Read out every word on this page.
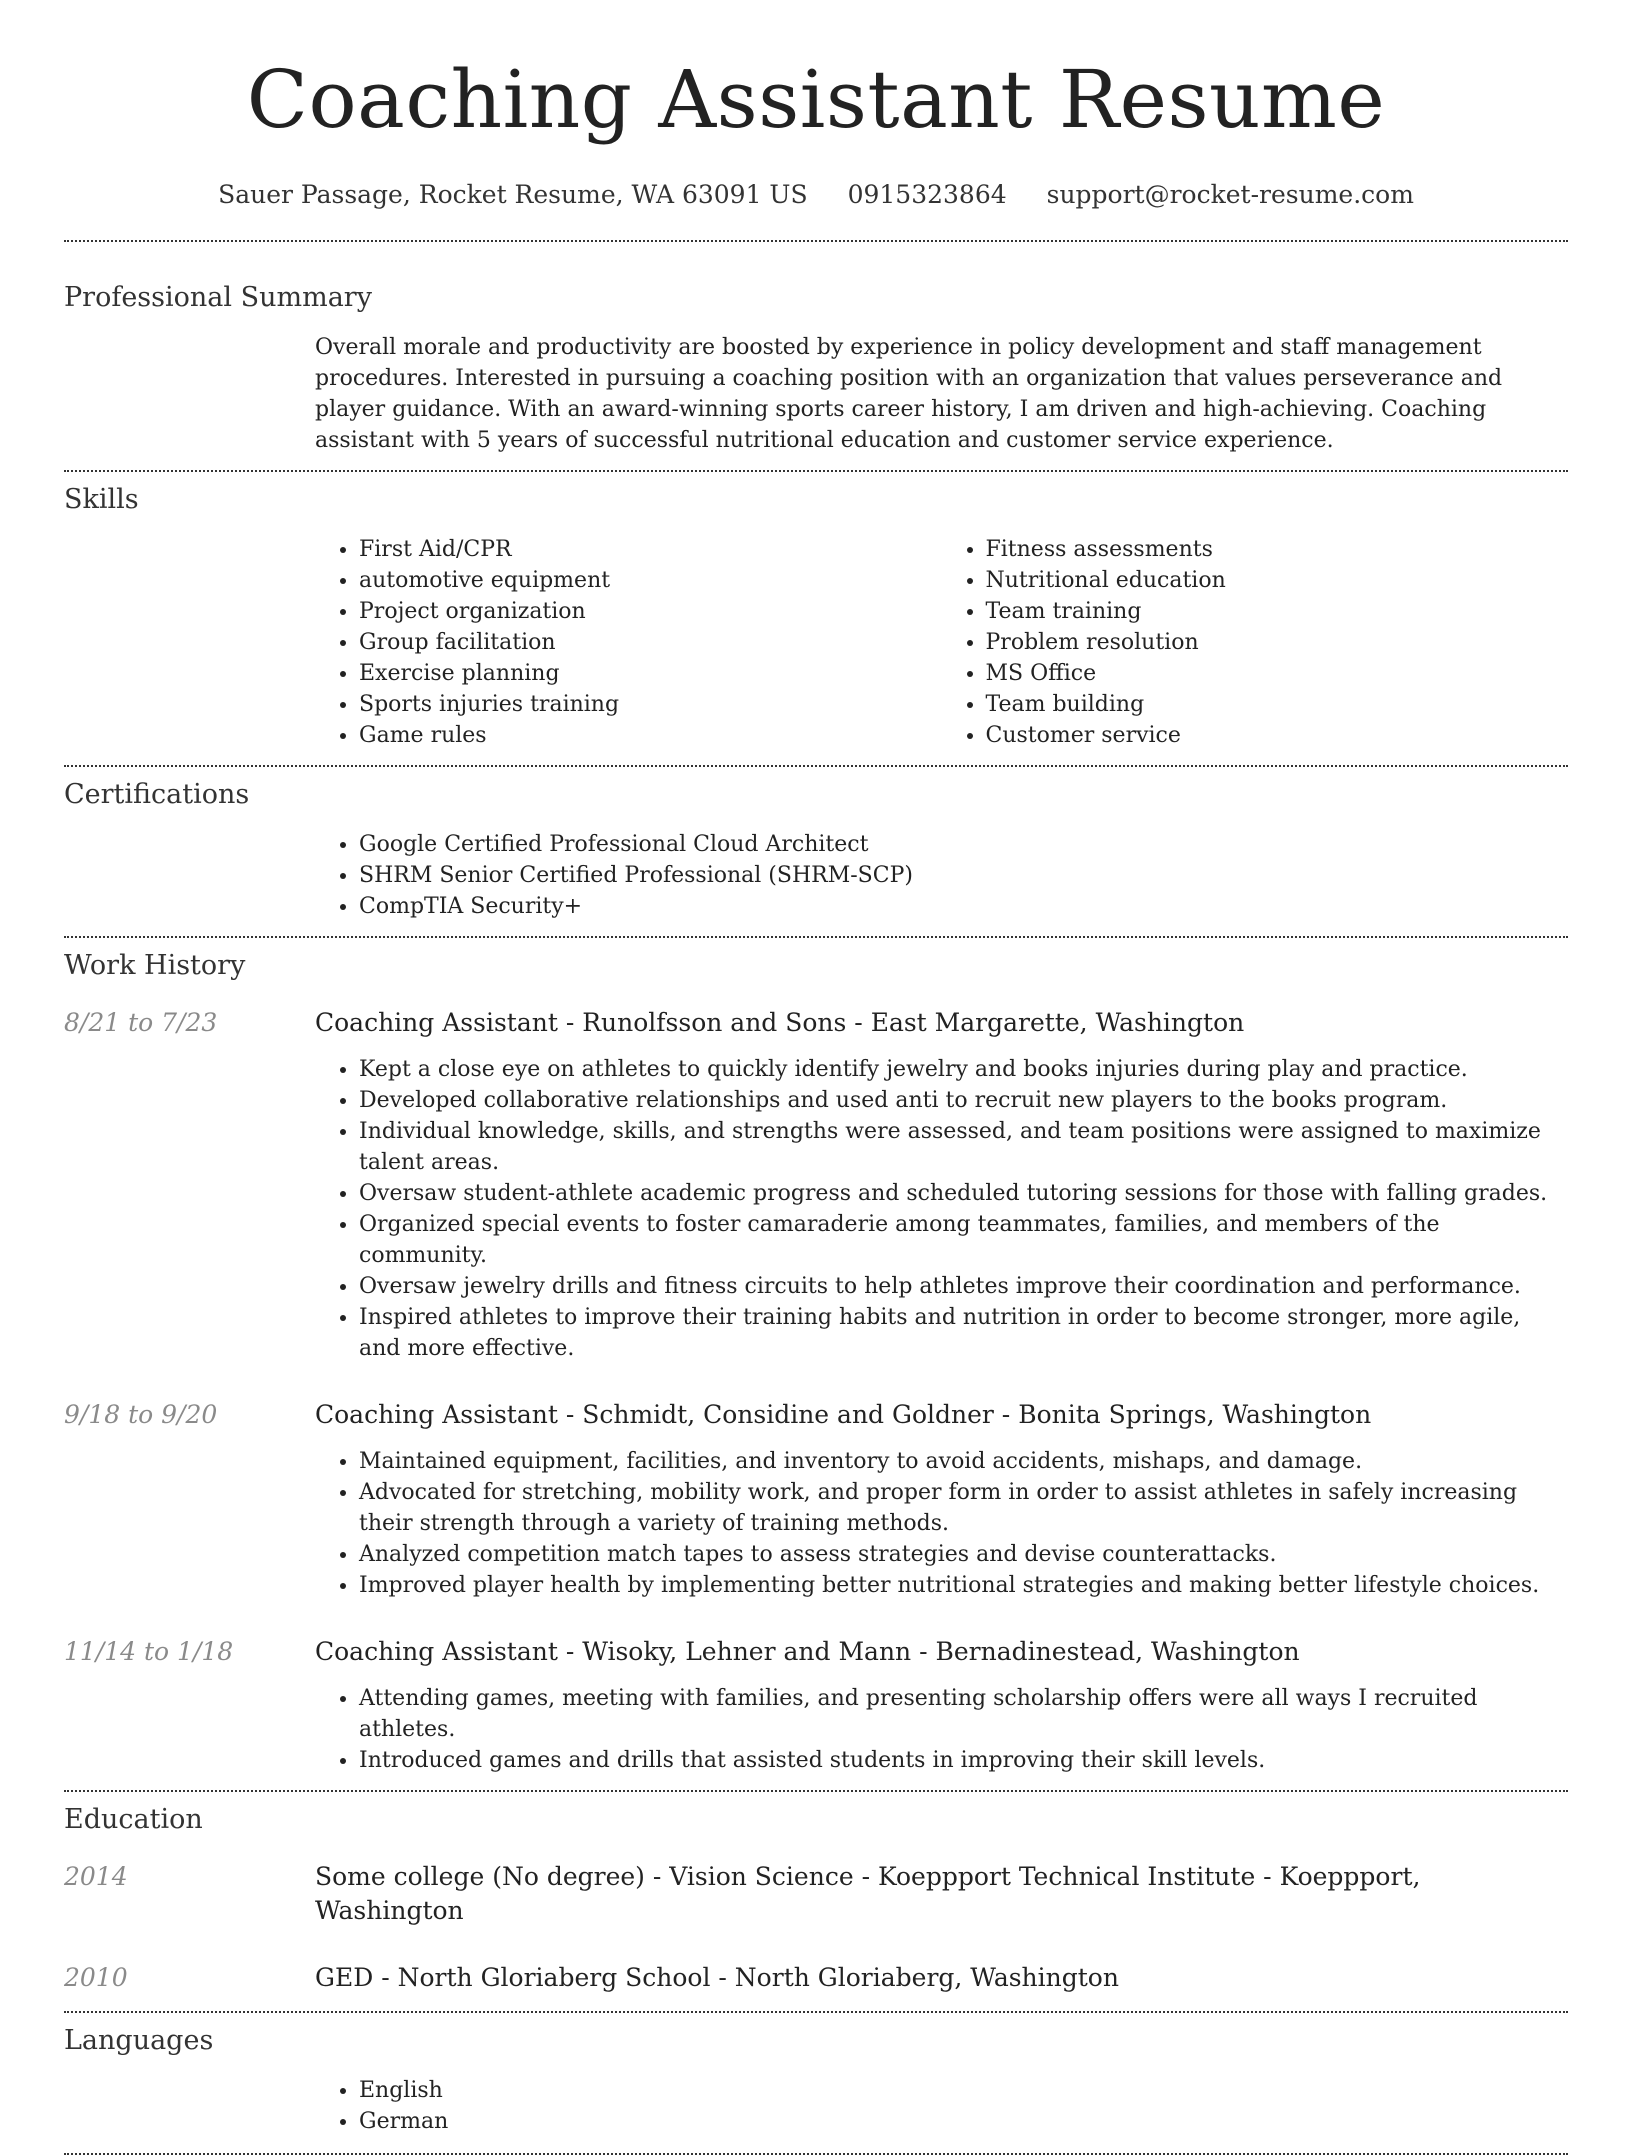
Coaching Assistant Resume
Sauer Passage, Rocket Resume, WA 63091 US 0915323864 support@rocket-resume.com
Professional Summary
Overall morale and productivity are boosted by experience in policy development and staff management procedures. Interested in pursuing a coaching position with an organization that values perseverance and player guidance. With an award-winning sports career history, I am driven and high-achieving. Coaching assistant with 5 years of successful nutritional education and customer service experience.
Skills
• First Aid/CPR
• automotive equipment
• Project organization
• Group facilitation
• Exercise planning
• Sports injuries training
• Game rules
• Fitness assessments
• Nutritional education
• Team training
• Problem resolution
• MS Office
• Team building
• Customer service
Certifications
• Google Certified Professional Cloud Architect
• SHRM Senior Certified Professional (SHRM-SCP)
• CompTIA Security+
Work History
8/21 to 7/23	Coaching Assistant - Runolfsson and Sons - East Margarette, Washington
• Kept a close eye on athletes to quickly identify jewelry and books injuries during play and practice.
• Developed collaborative relationships and used anti to recruit new players to the books program.
• Individual knowledge, skills, and strengths were assessed, and team positions were assigned to maximize talent areas.
• Oversaw student-athlete academic progress and scheduled tutoring sessions for those with falling grades.
• Organized special events to foster camaraderie among teammates, families, and members of the community.
• Oversaw jewelry drills and fitness circuits to help athletes improve their coordination and performance.
• Inspired athletes to improve their training habits and nutrition in order to become stronger, more agile, and more effective.
9/18 to 9/20	Coaching Assistant - Schmidt, Considine and Goldner - Bonita Springs, Washington
• Maintained equipment, facilities, and inventory to avoid accidents, mishaps, and damage.
• Advocated for stretching, mobility work, and proper form in order to assist athletes in safely increasing their strength through a variety of training methods.
• Analyzed competition match tapes to assess strategies and devise counterattacks.
• Improved player health by implementing better nutritional strategies and making better lifestyle choices.
11/14 to 1/18	Coaching Assistant - Wisoky, Lehner and Mann - Bernadinestead, Washington
• Attending games, meeting with families, and presenting scholarship offers were all ways I recruited athletes.
• Introduced games and drills that assisted students in improving their skill levels.
Education
2014	Some college (No degree) - Vision Science - Koeppport Technical Institute - Koeppport, Washington
2010	GED - North Gloriaberg School - North Gloriaberg, Washington
Languages
• English
• German
